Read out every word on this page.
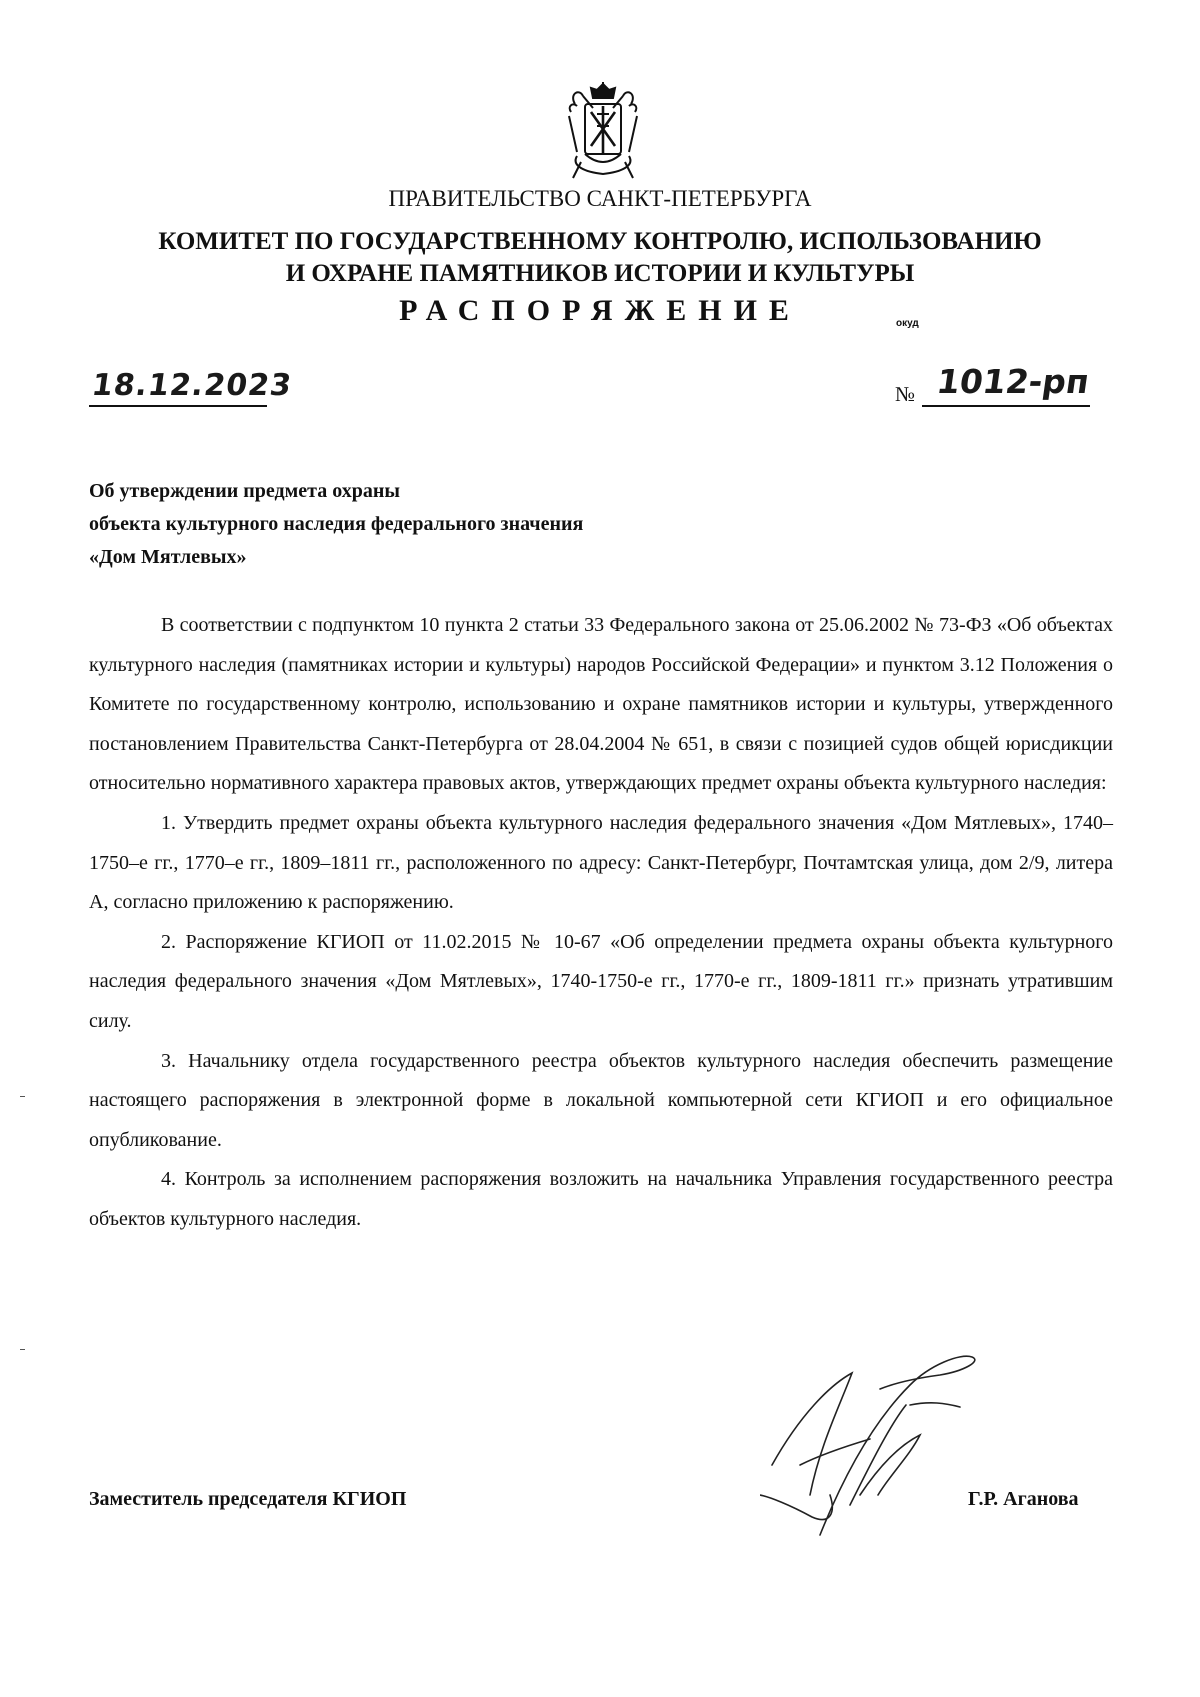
ПРАВИТЕЛЬСТВО САНКТ-ПЕТЕРБУРГА
КОМИТЕТ ПО ГОСУДАРСТВЕННОМУ КОНТРОЛЮ, ИСПОЛЬЗОВАНИЮ
И ОХРАНЕ ПАМЯТНИКОВ ИСТОРИИ И КУЛЬТУРЫ
РАСПОРЯЖЕНИЕ	окуд
18.12.2023	№ 1012-рп
Об утверждении предмета охраны
объекта культурного наследия федерального значения
«Дом Мятлевых»

В соответствии с подпунктом 10 пункта 2 статьи 33 Федерального закона от 25.06.2002 № 73-ФЗ «Об объектах культурного наследия (памятниках истории и культуры) народов Российской Федерации» и пунктом 3.12 Положения о Комитете по государственному контролю, использованию и охране памятников истории и культуры, утвержденного постановлением Правительства Санкт-Петербурга от 28.04.2004 № 651, в связи с позицией судов общей юрисдикции относительно нормативного характера правовых актов, утверждающих предмет охраны объекта культурного наследия:

1. Утвердить предмет охраны объекта культурного наследия федерального значения «Дом Мятлевых», 1740–1750–е гг., 1770–е гг., 1809–1811 гг., расположенного по адресу: Санкт-Петербург, Почтамтская улица, дом 2/9, литера А, согласно приложению к распоряжению.

2. Распоряжение КГИОП от 11.02.2015 № 10-67 «Об определении предмета охраны объекта культурного наследия федерального значения «Дом Мятлевых», 1740-1750-е гг., 1770-е гг., 1809-1811 гг.» признать утратившим силу.

3. Начальнику отдела государственного реестра объектов культурного наследия обеспечить размещение настоящего распоряжения в электронной форме в локальной компьютерной сети КГИОП и его официальное опубликование.

4. Контроль за исполнением распоряжения возложить на начальника Управления государственного реестра объектов культурного наследия.

Заместитель председателя КГИОП	Г.Р. Аганова
